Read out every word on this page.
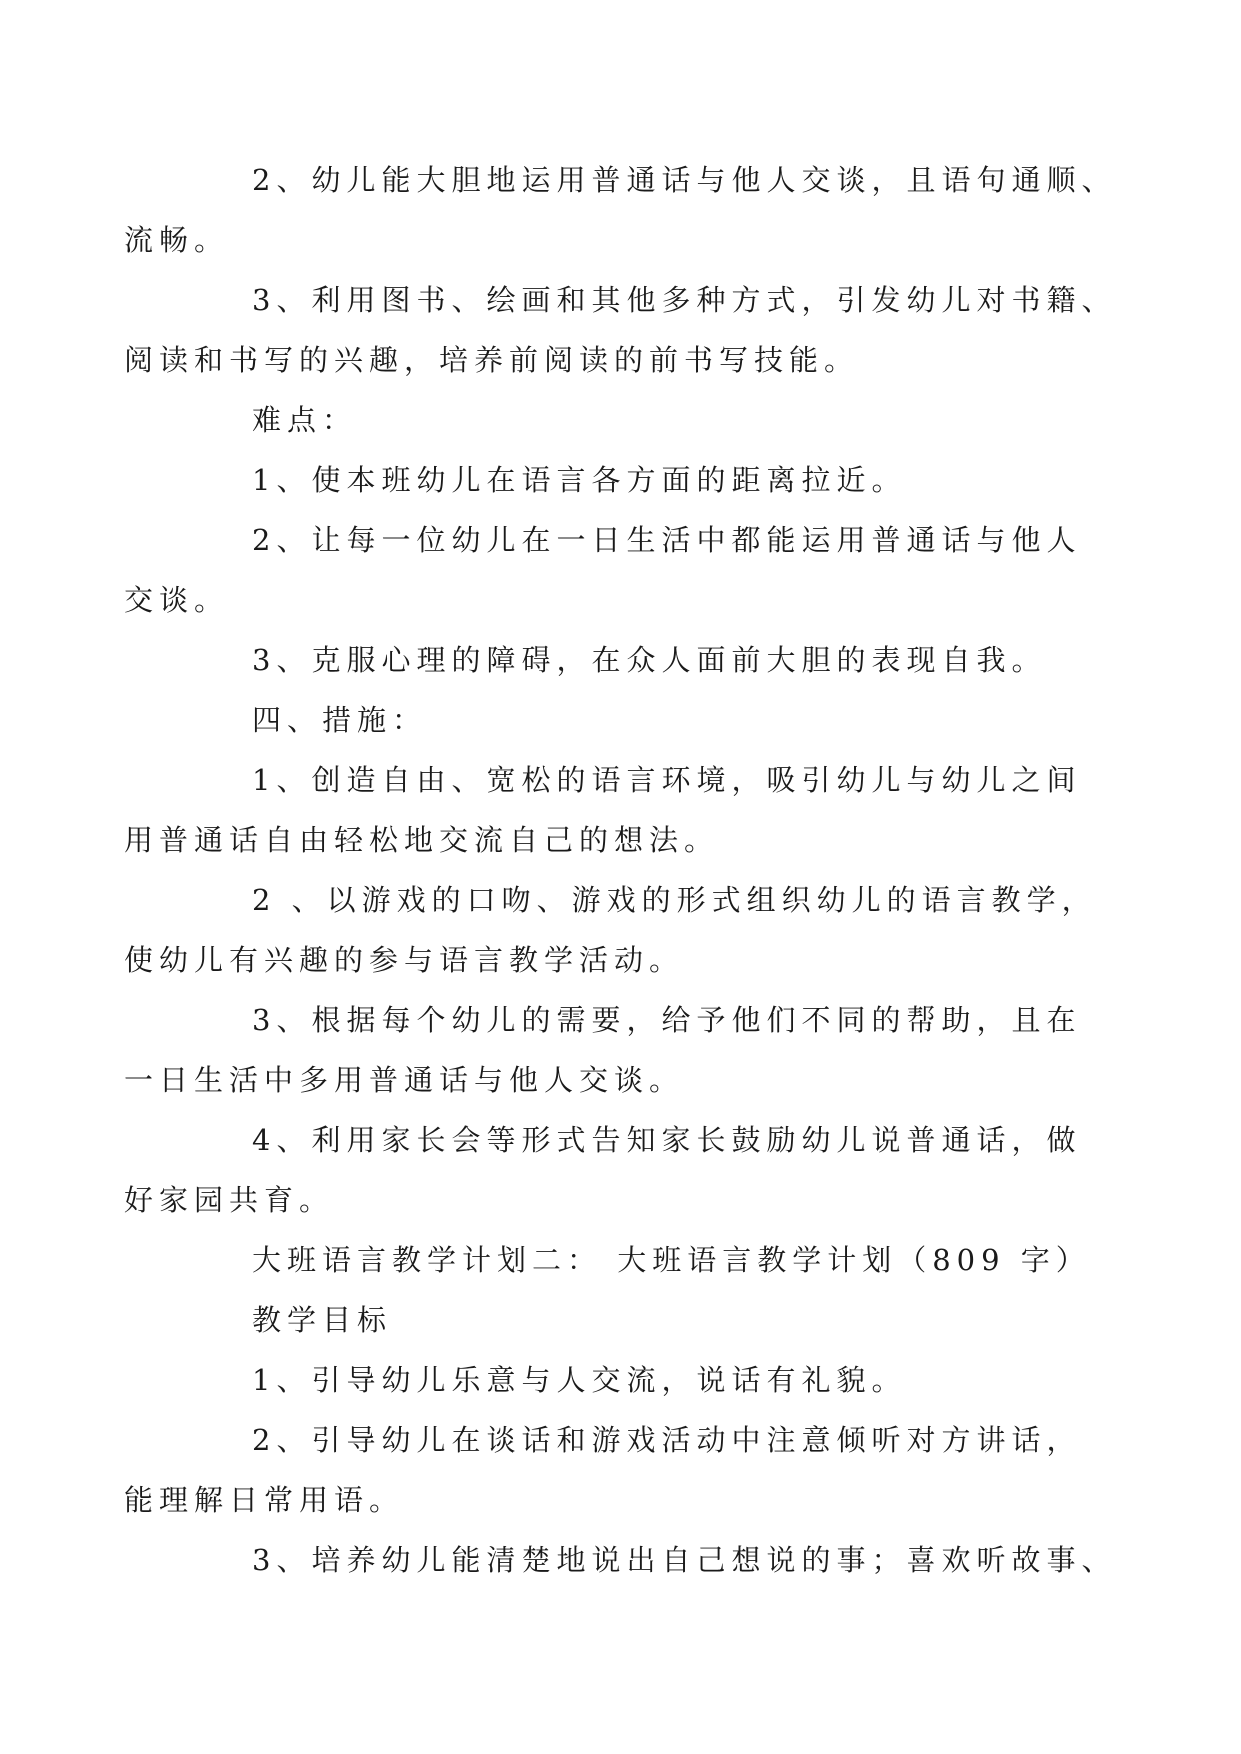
2、幼儿能大胆地运用普通话与他人交谈，且语句通顺、
流畅。

3、利用图书、绘画和其他多种方式，引发幼儿对书籍、
阅读和书写的兴趣，培养前阅读的前书写技能。

难点：

1、使本班幼儿在语言各方面的距离拉近。

2、让每一位幼儿在一日生活中都能运用普通话与他人
交谈。

3、克服心理的障碍，在众人面前大胆的表现自我。

四、措施：

1、创造自由、宽松的语言环境，吸引幼儿与幼儿之间
用普通话自由轻松地交流自己的想法。

2 、以游戏的口吻、游戏的形式组织幼儿的语言教学，
使幼儿有兴趣的参与语言教学活动。

3、根据每个幼儿的需要，给予他们不同的帮助，且在
一日生活中多用普通话与他人交谈。

4、利用家长会等形式告知家长鼓励幼儿说普通话，做
好家园共育。

大班语言教学计划二： 大班语言教学计划（809 字）

教学目标

1、引导幼儿乐意与人交流，说话有礼貌。

2、引导幼儿在谈话和游戏活动中注意倾听对方讲话，
能理解日常用语。

3、培养幼儿能清楚地说出自己想说的事；喜欢听故事、
